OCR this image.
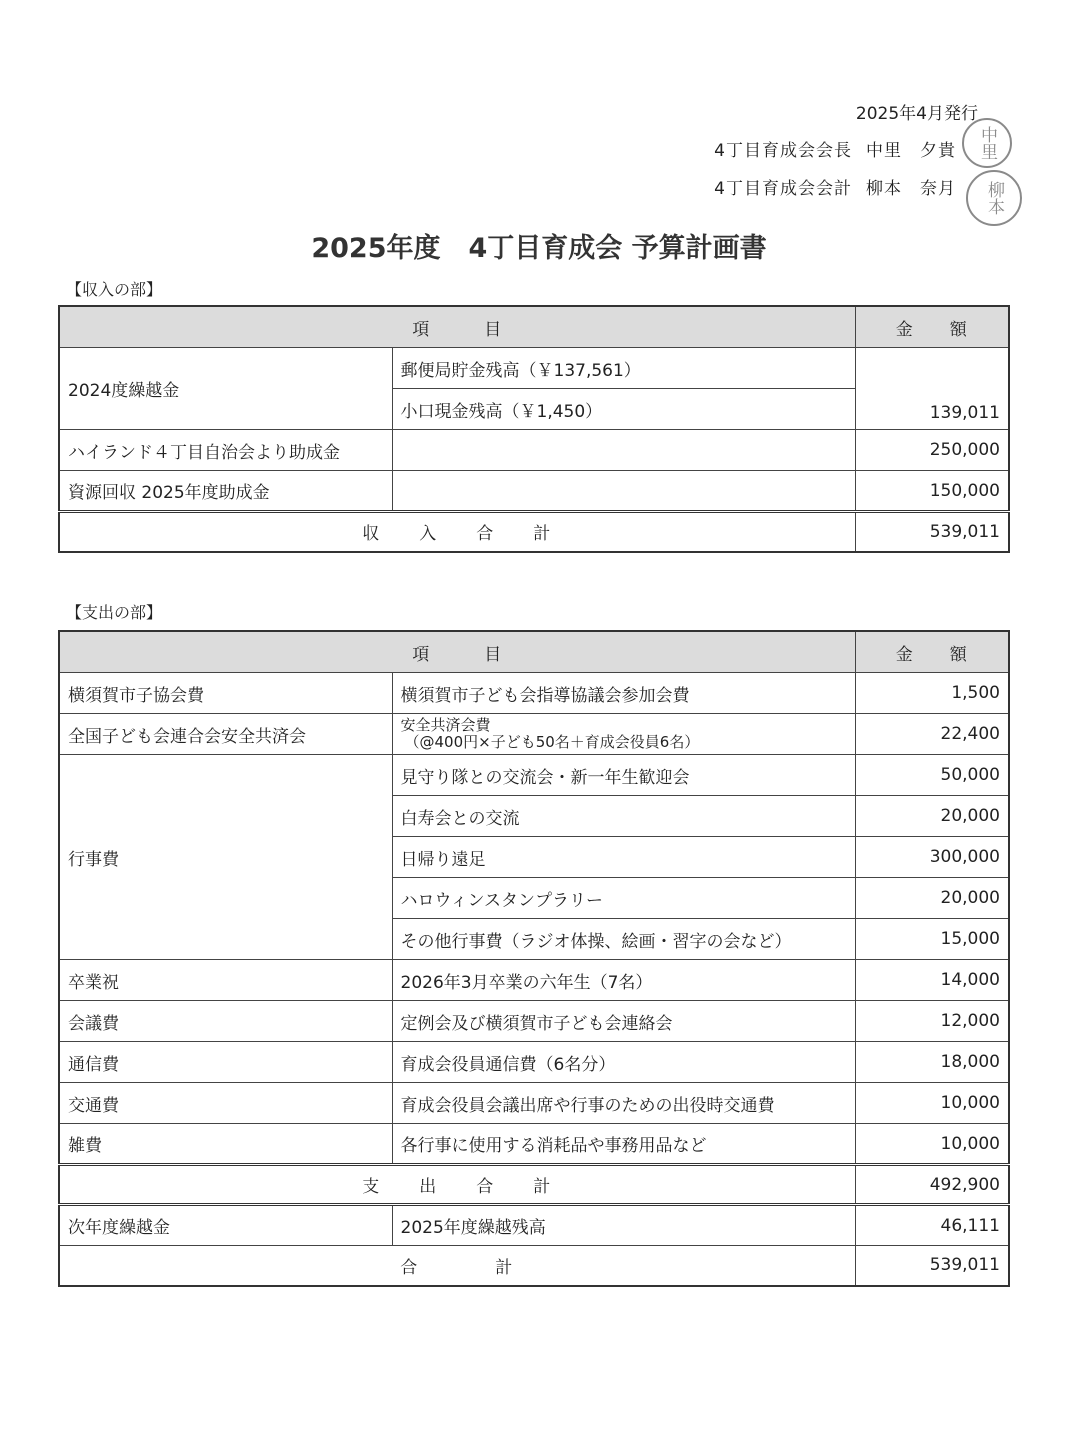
2025年4月発行
4丁目育成会会長 中里　夕貴
4丁目育成会会計 柳本　奈月
中里
柳本
2025年度 4丁目育成会 予算計画書
【収入の部】
項　　　目		金　　額
2024度繰越金	郵便局貯金残高（￥137,561）	139,011
	小口現金残高（￥1,450）	
ハイランド４丁目自治会より助成金		250,000
資源回収 2025年度助成金		150,000
収　　入　　合　　計		539,011
【支出の部】
項　　　目		金　　額
横須賀市子協会費	横須賀市子ども会指導協議会参加会費	1,500
全国子ども会連合会安全共済会	安全共済会費
（@400円×子ども50名＋育成会役員6名）	22,400
行事費	見守り隊との交流会・新一年生歓迎会	50,000
	白寿会との交流	20,000
	日帰り遠足	300,000
	ハロウィンスタンプラリー	20,000
	その他行事費（ラジオ体操、絵画・習字の会など）	15,000
卒業祝	2026年3月卒業の六年生（7名）	14,000
会議費	定例会及び横須賀市子ども会連絡会	12,000
通信費	育成会役員通信費（6名分）	18,000
交通費	育成会役員会議出席や行事のための出役時交通費	10,000
雑費	各行事に使用する消耗品や事務用品など	10,000
支　　出　　合　　計		492,900
次年度繰越金	2025年度繰越残高	46,111
合　　　　計		539,011
